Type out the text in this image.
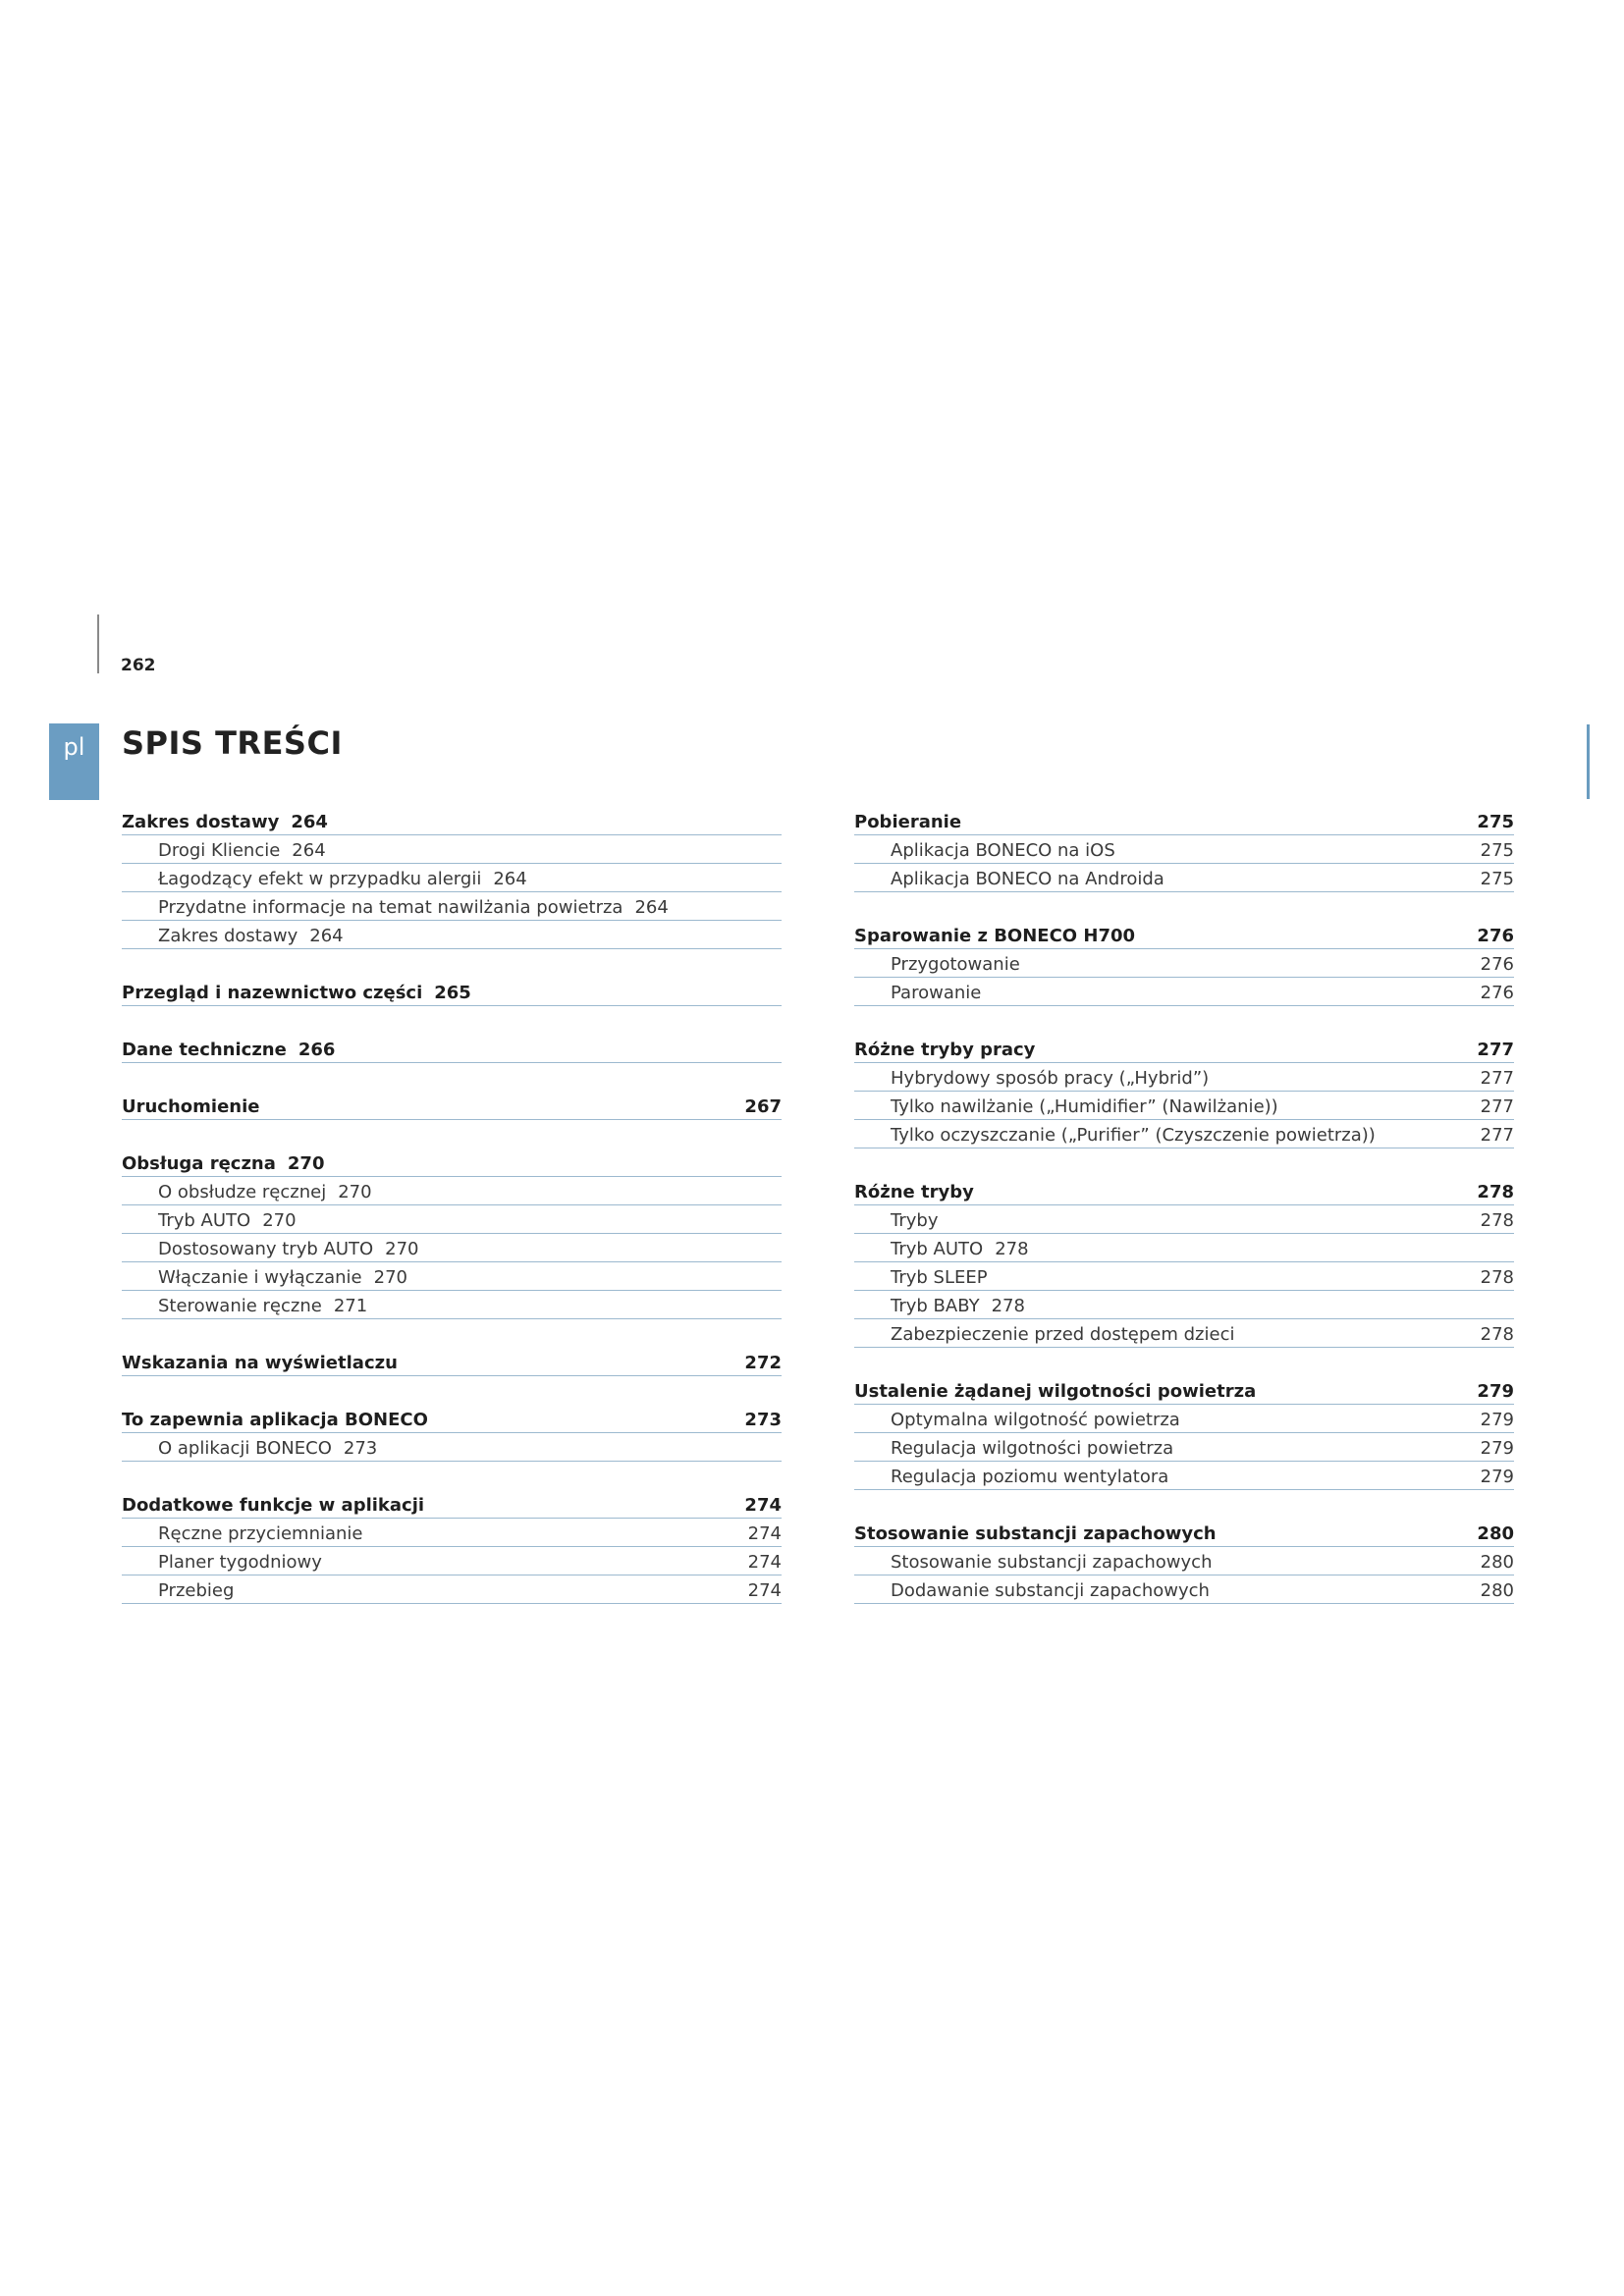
262
pl	SPIS TREŚCI
Zakres dostawy 264
Drogi Kliencie 264
Łagodzący efekt w przypadku alergii 264
Przydatne informacje na temat nawilżania powietrza 264
Zakres dostawy 264
Przegląd i nazewnictwo części 265
Dane techniczne 266
Uruchomienie	267
Obsługa ręczna 270
O obsłudze ręcznej 270
Tryb AUTO 270
Dostosowany tryb AUTO 270
Włączanie i wyłączanie 270
Sterowanie ręczne 271
Wskazania na wyświetlaczu	272
To zapewnia aplikacja BONECO	273
O aplikacji BONECO 273
Dodatkowe funkcje w aplikacji	274
Ręczne przyciemnianie	274
Planer tygodniowy	274
Przebieg	274
Pobieranie	275
Aplikacja BONECO na iOS	275
Aplikacja BONECO na Androida	275
Sparowanie z BONECO H700	276
Przygotowanie	276
Parowanie	276
Różne tryby pracy	277
Hybrydowy sposób pracy („Hybrid”)	277
Tylko nawilżanie („Humidifier” (Nawilżanie))	277
Tylko oczyszczanie („Purifier” (Czyszczenie powietrza))	277
Różne tryby	278
Tryby	278
Tryb AUTO 278
Tryb SLEEP	278
Tryb BABY 278
Zabezpieczenie przed dostępem dzieci	278
Ustalenie żądanej wilgotności powietrza	279
Optymalna wilgotność powietrza	279
Regulacja wilgotności powietrza	279
Regulacja poziomu wentylatora	279
Stosowanie substancji zapachowych	280
Stosowanie substancji zapachowych	280
Dodawanie substancji zapachowych	280
